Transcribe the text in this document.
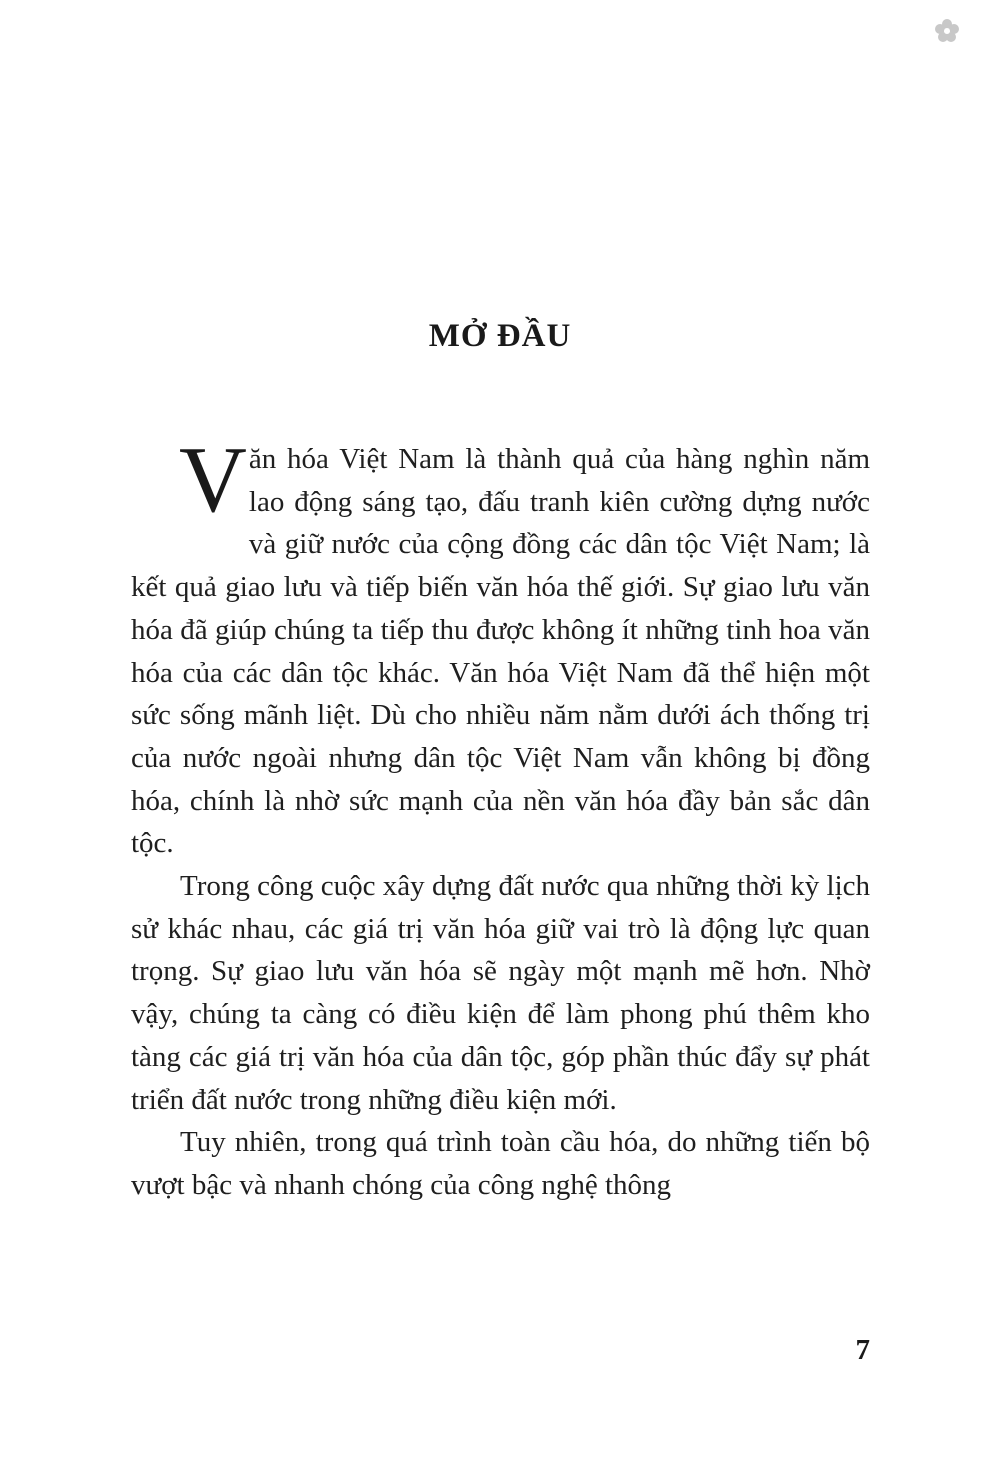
MỞ ĐẦU

Văn hóa Việt Nam là thành quả của hàng nghìn năm lao động sáng tạo, đấu tranh kiên cường dựng nước và giữ nước của cộng đồng các dân tộc Việt Nam; là kết quả giao lưu và tiếp biến văn hóa thế giới. Sự giao lưu văn hóa đã giúp chúng ta tiếp thu được không ít những tinh hoa văn hóa của các dân tộc khác. Văn hóa Việt Nam đã thể hiện một sức sống mãnh liệt. Dù cho nhiều năm nằm dưới ách thống trị của nước ngoài nhưng dân tộc Việt Nam vẫn không bị đồng hóa, chính là nhờ sức mạnh của nền văn hóa đầy bản sắc dân tộc.

Trong công cuộc xây dựng đất nước qua những thời kỳ lịch sử khác nhau, các giá trị văn hóa giữ vai trò là động lực quan trọng. Sự giao lưu văn hóa sẽ ngày một mạnh mẽ hơn. Nhờ vậy, chúng ta càng có điều kiện để làm phong phú thêm kho tàng các giá trị văn hóa của dân tộc, góp phần thúc đẩy sự phát triển đất nước trong những điều kiện mới.

Tuy nhiên, trong quá trình toàn cầu hóa, do những tiến bộ vượt bậc và nhanh chóng của công nghệ thông

7
